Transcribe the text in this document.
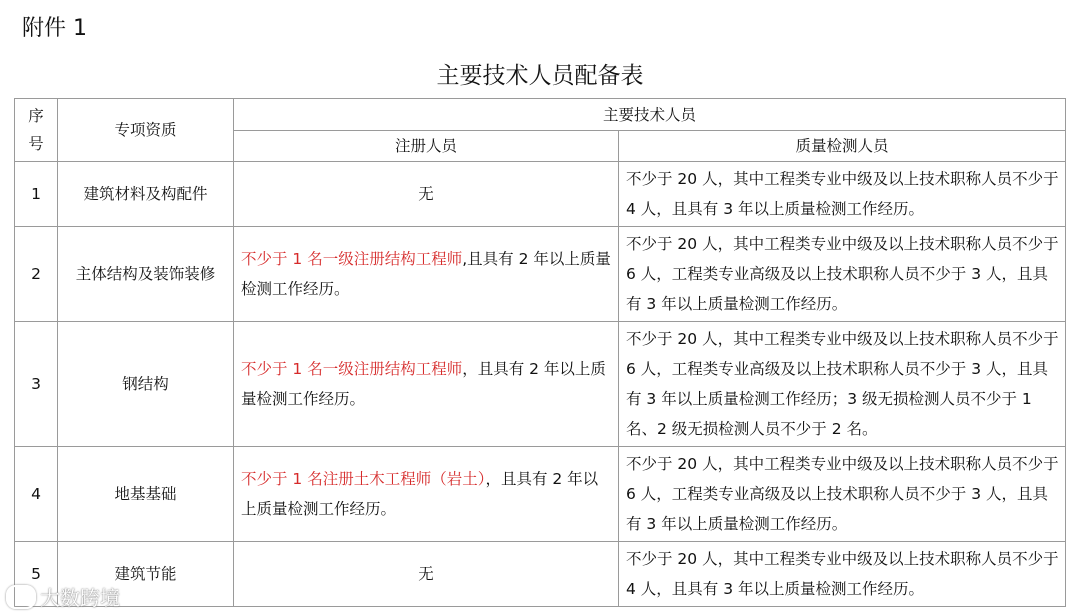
附件 1
主要技术人员配备表
序号	专项资质	主要技术人员	
		注册人员	质量检测人员
1	建筑材料及构配件	无	不少于 20 人，其中工程类专业中级及以上技术职称人员不少于 4 人，且具有 3 年以上质量检测工作经历。
2	主体结构及装饰装修	不少于 1 名一级注册结构工程师,且具有 2 年以上质量检测工作经历。	不少于 20 人，其中工程类专业中级及以上技术职称人员不少于 6 人，工程类专业高级及以上技术职称人员不少于 3 人，且具有 3 年以上质量检测工作经历。
3	钢结构	不少于 1 名一级注册结构工程师，且具有 2 年以上质量检测工作经历。	不少于 20 人，其中工程类专业中级及以上技术职称人员不少于 6 人，工程类专业高级及以上技术职称人员不少于 3 人，且具有 3 年以上质量检测工作经历；3 级无损检测人员不少于 1 名、2 级无损检测人员不少于 2 名。
4	地基基础	不少于 1 名注册土木工程师（岩土），且具有 2 年以上质量检测工作经历。	不少于 20 人，其中工程类专业中级及以上技术职称人员不少于 6 人，工程类专业高级及以上技术职称人员不少于 3 人，且具有 3 年以上质量检测工作经历。
5	建筑节能	无	不少于 20 人，其中工程类专业中级及以上技术职称人员不少于 4 人，且具有 3 年以上质量检测工作经历。
大数跨境
